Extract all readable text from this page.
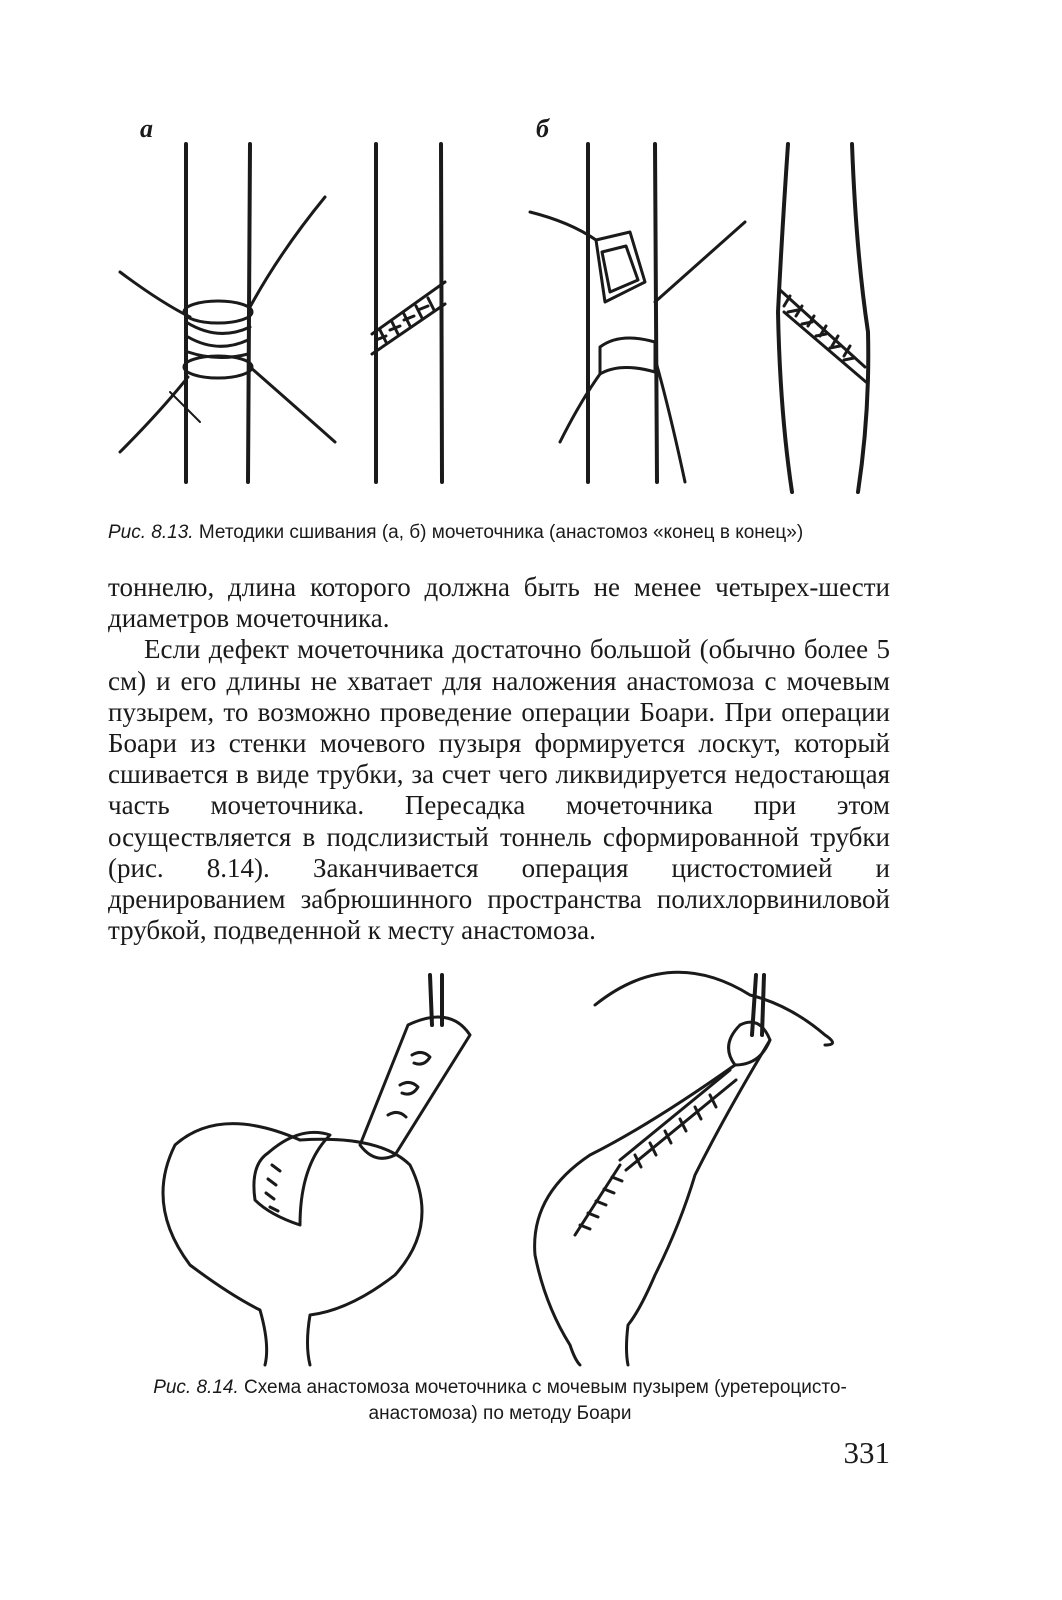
а	б
Рис. 8.13. Методики сшивания (а, б) мочеточника (анастомоз «конец в конец»)

тоннелю, длина которого должна быть не менее четырех-шести диаметров мочеточника.

Если дефект мочеточника достаточно большой (обычно более 5 см) и его длины не хватает для наложения анастомоза с мочевым пузырем, то возможно проведение операции Боари. При операции Боари из стенки мочевого пузыря формируется лоскут, который сшивается в виде трубки, за счет чего ликвидируется недостающая часть мочеточника. Пересадка мочеточника при этом осуществляется в подслизистый тоннель сформированной трубки (рис. 8.14). Заканчивается операция цистостомией и дренированием забрюшинного пространства полихлорвиниловой трубкой, подведенной к месту анастомоза.

Рис. 8.14. Схема анастомоза мочеточника с мочевым пузырем (уретероцисто-анастомоза) по методу Боари
331
